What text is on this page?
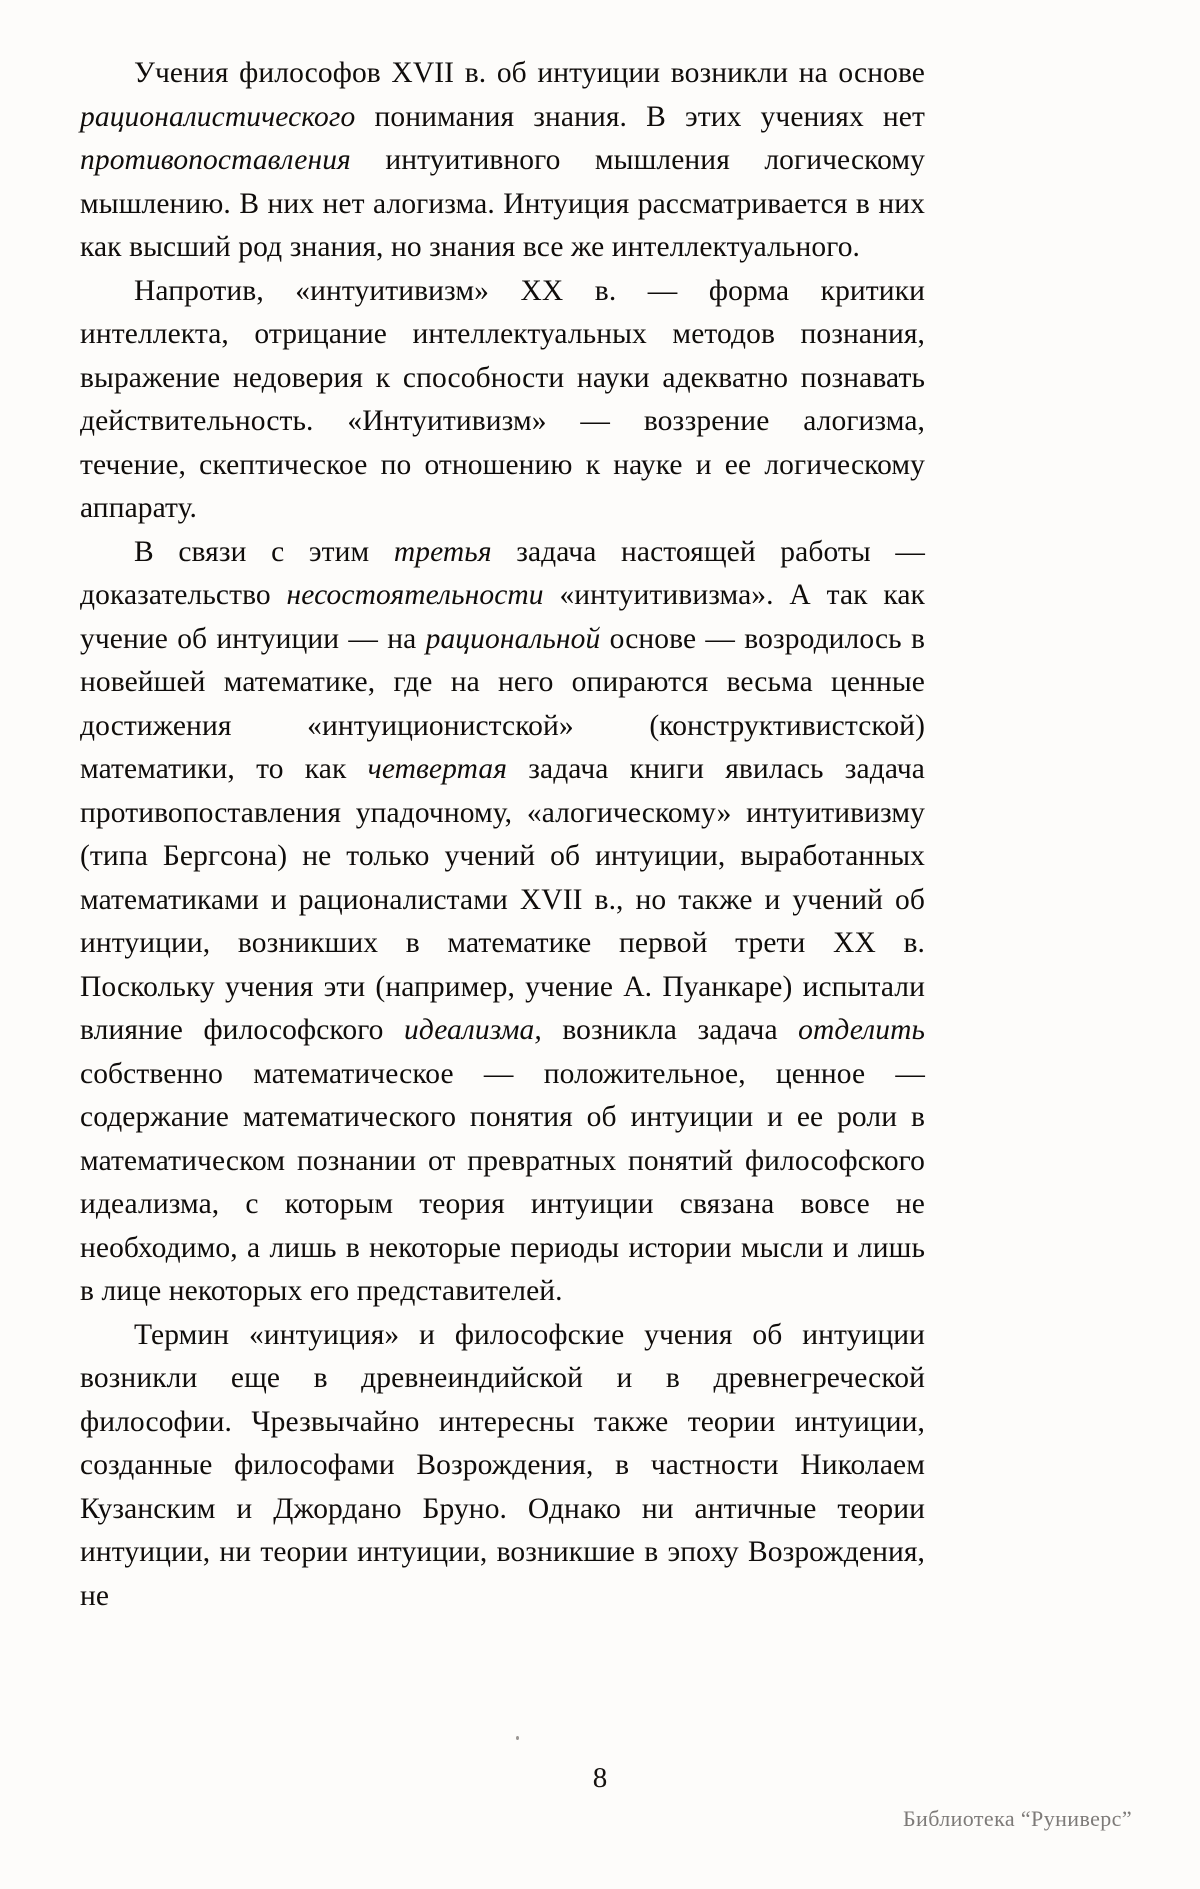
Учения философов XVII в. об интуиции возникли на основе рационалистического понимания знания. В этих учениях нет противопоставления интуитивного мышления логическому мышлению. В них нет алогизма. Интуиция рассматривается в них как высший род знания, но знания все же интеллектуального.

Напротив, «интуитивизм» XX в. — форма критики интеллекта, отрицание интеллектуальных методов познания, выражение недоверия к способности науки адекватно познавать действительность. «Интуитивизм» — воззрение алогизма, течение, скептическое по отношению к науке и ее логическому аппарату.

В связи с этим третья задача настоящей работы — доказательство несостоятельности «интуитивизма». А так как учение об интуиции — на рациональной основе — возродилось в новейшей математике, где на него опираются весьма ценные достижения «интуиционистской» (конструктивистской) математики, то как четвертая задача книги явилась задача противопоставления упадочному, «алогическому» интуитивизму (типа Бергсона) не только учений об интуиции, выработанных математиками и рационалистами XVII в., но также и учений об интуиции, возникших в математике первой трети XX в. Поскольку учения эти (например, учение А. Пуанкаре) испытали влияние философского идеализма, возникла задача отделить собственно математическое — положительное, ценное — содержание математического понятия об интуиции и ее роли в математическом познании от превратных понятий философского идеализма, с которым теория интуиции связана вовсе не необходимо, а лишь в некоторые периоды истории мысли и лишь в лице некоторых его представителей.

Термин «интуиция» и философские учения об интуиции возникли еще в древнеиндийской и в древнегреческой философии. Чрезвычайно интересны также теории интуиции, созданные философами Возрождения, в частности Николаем Кузанским и Джордано Бруно. Однако ни античные теории интуиции, ни теории интуиции, возникшие в эпоху Возрождения, не

8
Библиотека “Руниверс”
